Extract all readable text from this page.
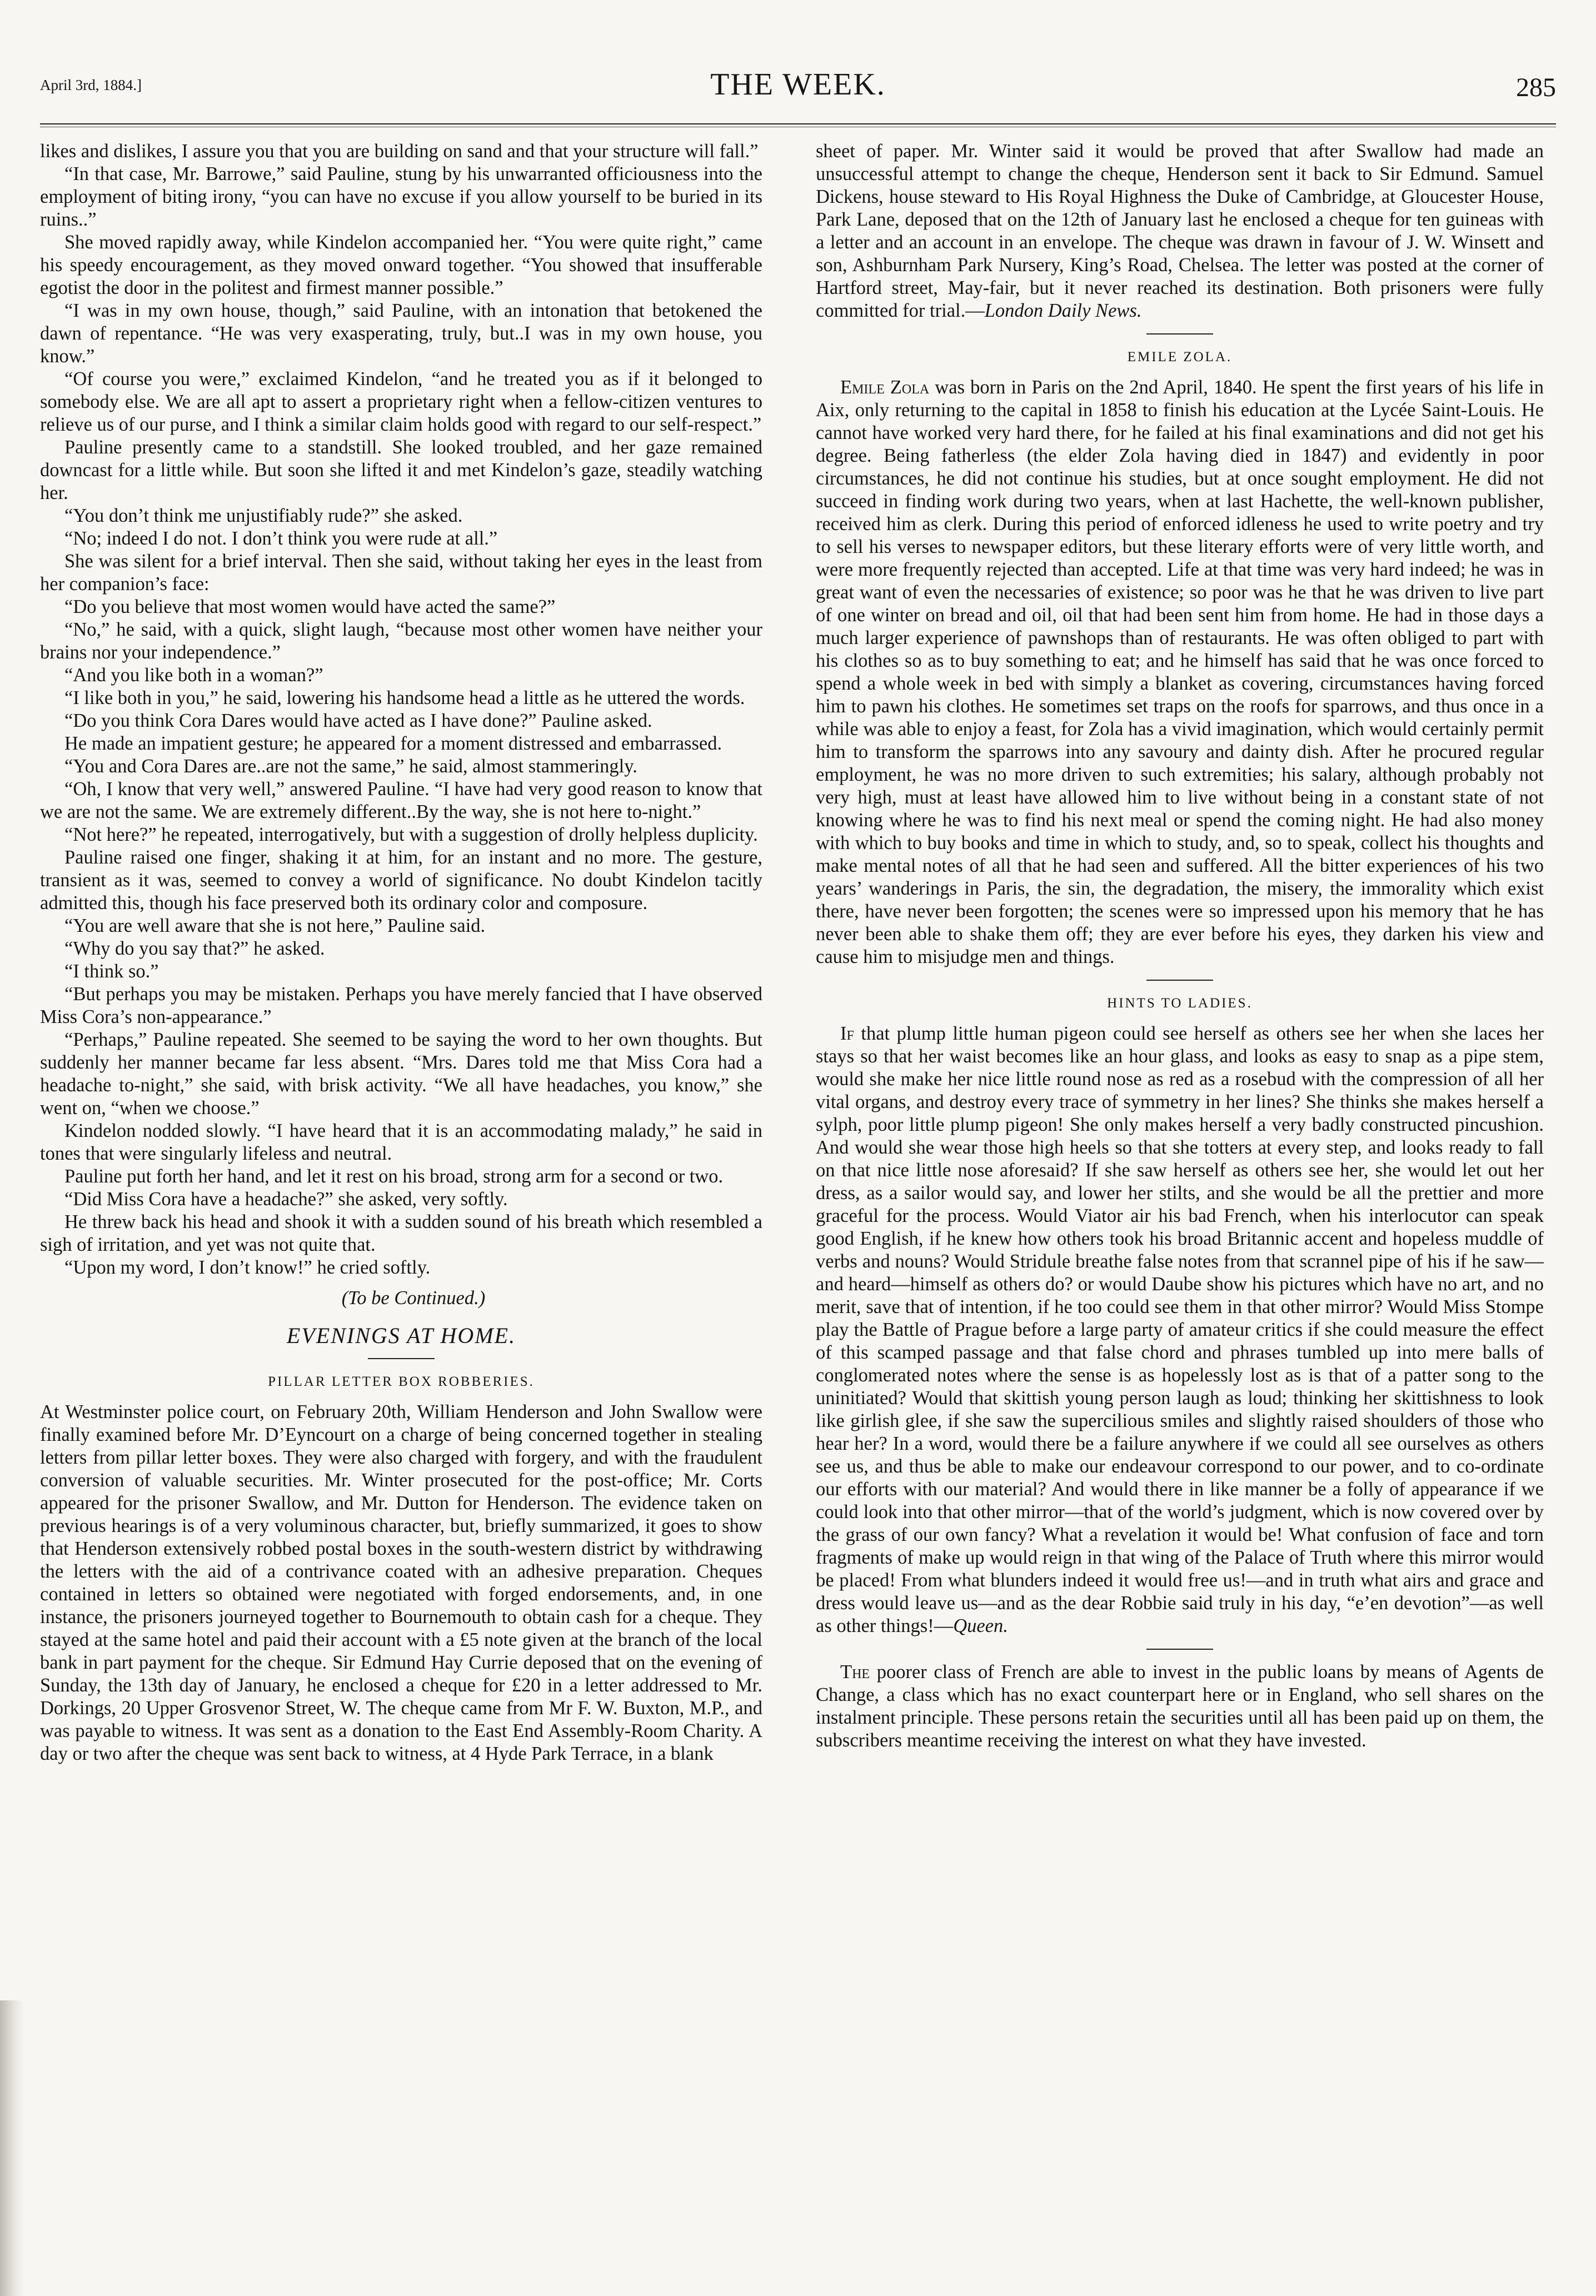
April 3rd, 1884.]	THE WEEK.	285

likes and dislikes, I assure you that you are building on sand and that your structure will fall.”

“In that case, Mr. Barrowe,” said Pauline, stung by his unwarranted officiousness into the employment of biting irony, “you can have no excuse if you allow yourself to be buried in its ruins..”

She moved rapidly away, while Kindelon accompanied her. “You were quite right,” came his speedy encouragement, as they moved onward together. “You showed that insufferable egotist the door in the politest and firmest manner possible.”

“I was in my own house, though,” said Pauline, with an intonation that betokened the dawn of repentance. “He was very exasperating, truly, but..I was in my own house, you know.”

“Of course you were,” exclaimed Kindelon, “and he treated you as if it belonged to somebody else. We are all apt to assert a proprietary right when a fellow-citizen ventures to relieve us of our purse, and I think a similar claim holds good with regard to our self-respect.”

Pauline presently came to a standstill. She looked troubled, and her gaze remained downcast for a little while. But soon she lifted it and met Kindelon’s gaze, steadily watching her.

“You don’t think me unjustifiably rude?” she asked.

“No; indeed I do not. I don’t think you were rude at all.”

She was silent for a brief interval. Then she said, without taking her eyes in the least from her companion’s face:

“Do you believe that most women would have acted the same?”

“No,” he said, with a quick, slight laugh, “because most other women have neither your brains nor your independence.”

“And you like both in a woman?”

“I like both in you,” he said, lowering his handsome head a little as he uttered the words.

“Do you think Cora Dares would have acted as I have done?” Pauline asked.

He made an impatient gesture; he appeared for a moment distressed and embarrassed.

“You and Cora Dares are..are not the same,” he said, almost stammeringly.

“Oh, I know that very well,” answered Pauline. “I have had very good reason to know that we are not the same. We are extremely different..By the way, she is not here to-night.”

“Not here?” he repeated, interrogatively, but with a suggestion of drolly helpless duplicity.

Pauline raised one finger, shaking it at him, for an instant and no more. The gesture, transient as it was, seemed to convey a world of significance. No doubt Kindelon tacitly admitted this, though his face preserved both its ordinary color and composure.

“You are well aware that she is not here,” Pauline said.

“Why do you say that?” he asked.

“I think so.”

“But perhaps you may be mistaken. Perhaps you have merely fancied that I have observed Miss Cora’s non-appearance.”

“Perhaps,” Pauline repeated. She seemed to be saying the word to her own thoughts. But suddenly her manner became far less absent. “Mrs. Dares told me that Miss Cora had a headache to-night,” she said, with brisk activity. “We all have headaches, you know,” she went on, “when we choose.”

Kindelon nodded slowly. “I have heard that it is an accommodating malady,” he said in tones that were singularly lifeless and neutral.

Pauline put forth her hand, and let it rest on his broad, strong arm for a second or two.

“Did Miss Cora have a headache?” she asked, very softly.

He threw back his head and shook it with a sudden sound of his breath which resembled a sigh of irritation, and yet was not quite that.

“Upon my word, I don’t know!” he cried softly.

(To be Continued.)

EVENINGS AT HOME.
PILLAR LETTER BOX ROBBERIES.

At Westminster police court, on February 20th, William Henderson and John Swallow were finally examined before Mr. D’Eyncourt on a charge of being concerned together in stealing letters from pillar letter boxes. They were also charged with forgery, and with the fraudulent conversion of valuable securities. Mr. Winter prosecuted for the post-office; Mr. Corts appeared for the prisoner Swallow, and Mr. Dutton for Henderson. The evidence taken on previous hearings is of a very voluminous character, but, briefly summarized, it goes to show that Henderson extensively robbed postal boxes in the south-western district by withdrawing the letters with the aid of a contrivance coated with an adhesive preparation. Cheques contained in letters so obtained were negotiated with forged endorsements, and, in one instance, the prisoners journeyed together to Bournemouth to obtain cash for a cheque. They stayed at the same hotel and paid their account with a £5 note given at the branch of the local bank in part payment for the cheque. Sir Edmund Hay Currie deposed that on the evening of Sunday, the 13th day of January, he enclosed a cheque for £20 in a letter addressed to Mr. Dorkings, 20 Upper Grosvenor Street, W. The cheque came from Mr F. W. Buxton, M.P., and was payable to witness. It was sent as a donation to the East End Assembly-Room Charity. A day or two after the cheque was sent back to witness, at 4 Hyde Park Terrace, in a blank

sheet of paper. Mr. Winter said it would be proved that after Swallow had made an unsuccessful attempt to change the cheque, Henderson sent it back to Sir Edmund. Samuel Dickens, house steward to His Royal Highness the Duke of Cambridge, at Gloucester House, Park Lane, deposed that on the 12th of January last he enclosed a cheque for ten guineas with a letter and an account in an envelope. The cheque was drawn in favour of J. W. Winsett and son, Ashburnham Park Nursery, King’s Road, Chelsea. The letter was posted at the corner of Hartford street, May-fair, but it never reached its destination. Both prisoners were fully committed for trial.—London Daily News.

EMILE ZOLA.

Emile Zola was born in Paris on the 2nd April, 1840. He spent the first years of his life in Aix, only returning to the capital in 1858 to finish his education at the Lycée Saint-Louis. He cannot have worked very hard there, for he failed at his final examinations and did not get his degree. Being fatherless (the elder Zola having died in 1847) and evidently in poor circumstances, he did not continue his studies, but at once sought employment. He did not succeed in finding work during two years, when at last Hachette, the well-known publisher, received him as clerk. During this period of enforced idleness he used to write poetry and try to sell his verses to newspaper editors, but these literary efforts were of very little worth, and were more frequently rejected than accepted. Life at that time was very hard indeed; he was in great want of even the necessaries of existence; so poor was he that he was driven to live part of one winter on bread and oil, oil that had been sent him from home. He had in those days a much larger experience of pawnshops than of restaurants. He was often obliged to part with his clothes so as to buy something to eat; and he himself has said that he was once forced to spend a whole week in bed with simply a blanket as covering, circumstances having forced him to pawn his clothes. He sometimes set traps on the roofs for sparrows, and thus once in a while was able to enjoy a feast, for Zola has a vivid imagination, which would certainly permit him to transform the sparrows into any savoury and dainty dish. After he procured regular employment, he was no more driven to such extremities; his salary, although probably not very high, must at least have allowed him to live without being in a constant state of not knowing where he was to find his next meal or spend the coming night. He had also money with which to buy books and time in which to study, and, so to speak, collect his thoughts and make mental notes of all that he had seen and suffered. All the bitter experiences of his two years’ wanderings in Paris, the sin, the degradation, the misery, the immorality which exist there, have never been forgotten; the scenes were so impressed upon his memory that he has never been able to shake them off; they are ever before his eyes, they darken his view and cause him to misjudge men and things.

HINTS TO LADIES.

If that plump little human pigeon could see herself as others see her when she laces her stays so that her waist becomes like an hour glass, and looks as easy to snap as a pipe stem, would she make her nice little round nose as red as a rosebud with the compression of all her vital organs, and destroy every trace of symmetry in her lines? She thinks she makes herself a sylph, poor little plump pigeon! She only makes herself a very badly constructed pincushion. And would she wear those high heels so that she totters at every step, and looks ready to fall on that nice little nose aforesaid? If she saw herself as others see her, she would let out her dress, as a sailor would say, and lower her stilts, and she would be all the prettier and more graceful for the process. Would Viator air his bad French, when his interlocutor can speak good English, if he knew how others took his broad Britannic accent and hopeless muddle of verbs and nouns? Would Stridule breathe false notes from that scrannel pipe of his if he saw—and heard—himself as others do? or would Daube show his pictures which have no art, and no merit, save that of intention, if he too could see them in that other mirror? Would Miss Stompe play the Battle of Prague before a large party of amateur critics if she could measure the effect of this scamped passage and that false chord and phrases tumbled up into mere balls of conglomerated notes where the sense is as hopelessly lost as is that of a patter song to the uninitiated? Would that skittish young person laugh as loud; thinking her skittishness to look like girlish glee, if she saw the supercilious smiles and slightly raised shoulders of those who hear her? In a word, would there be a failure anywhere if we could all see ourselves as others see us, and thus be able to make our endeavour correspond to our power, and to co-ordinate our efforts with our material? And would there in like manner be a folly of appearance if we could look into that other mirror—that of the world’s judgment, which is now covered over by the grass of our own fancy? What a revelation it would be! What confusion of face and torn fragments of make up would reign in that wing of the Palace of Truth where this mirror would be placed! From what blunders indeed it would free us!—and in truth what airs and grace and dress would leave us—and as the dear Robbie said truly in his day, “e’en devotion”—as well as other things!—Queen.

The poorer class of French are able to invest in the public loans by means of Agents de Change, a class which has no exact counterpart here or in England, who sell shares on the instalment principle. These persons retain the securities until all has been paid up on them, the subscribers meantime receiving the interest on what they have invested.
